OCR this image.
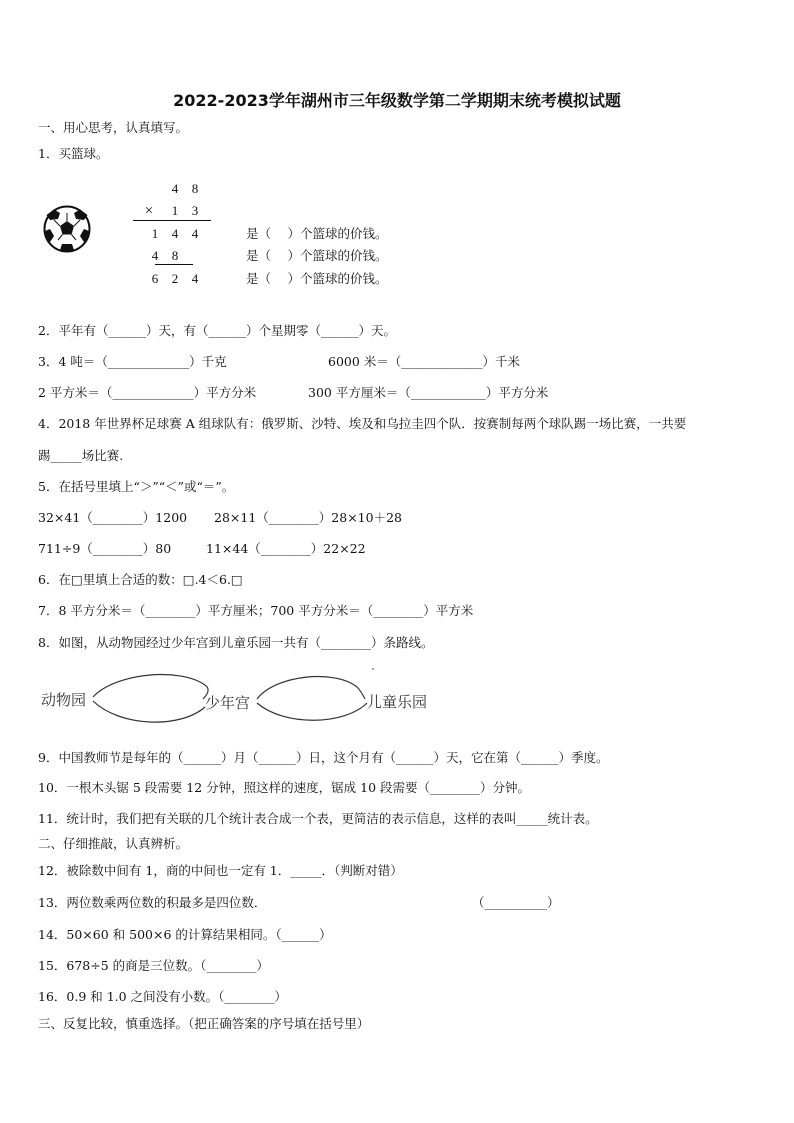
2022-2023学年湖州市三年级数学第二学期期末统考模拟试题
一、用心思考，认真填写。
1．买篮球。
4 8
× 1 3
1 4 4
4 8
6 2 4
是（　 ）个篮球的价钱。
是（　 ）个篮球的价钱。
是（　 ）个篮球的价钱。
2．平年有（______）天，有（______）个星期零（______）天。
3．4 吨＝（_____________）千克	6000 米＝（_____________）千米
2 平方米＝（_____________）平方分米	300 平方厘米＝（____________）平方分米
4．2018 年世界杯足球赛 A 组球队有：俄罗斯、沙特、埃及和乌拉圭四个队．按赛制每两个球队踢一场比赛，一共要
踢_____场比赛.
5．在括号里填上“＞”“＜”或“＝”。
32×41（________）1200 28×11（________）28×10＋28
711÷9（________）80	11×44（________）22×22
6．在□里填上合适的数：□.4＜6.□
7．8 平方分米＝（________）平方厘米；700 平方分米＝（________）平方米
8．如图，从动物园经过少年宫到儿童乐园一共有（________）条路线。
动物园	少年宫	儿童乐园
9．中国教师节是每年的（______）月（______）日，这个月有（______）天，它在第（______）季度。
10．一根木头锯 5 段需要 12 分钟，照这样的速度，锯成 10 段需要（________）分钟。
11．统计时，我们把有关联的几个统计表合成一个表，更简洁的表示信息，这样的表叫_____统计表。
二、仔细推敲，认真辨析。
12．被除数中间有 1，商的中间也一定有 1．_____．（判断对错）
13．两位数乘两位数的积最多是四位数．	（__________）
14．50×60 和 500×6 的计算结果相同。（______）
15．678÷5 的商是三位数。（________）
16．0.9 和 1.0 之间没有小数。（________）
三、反复比较，慎重选择。（把正确答案的序号填在括号里）
